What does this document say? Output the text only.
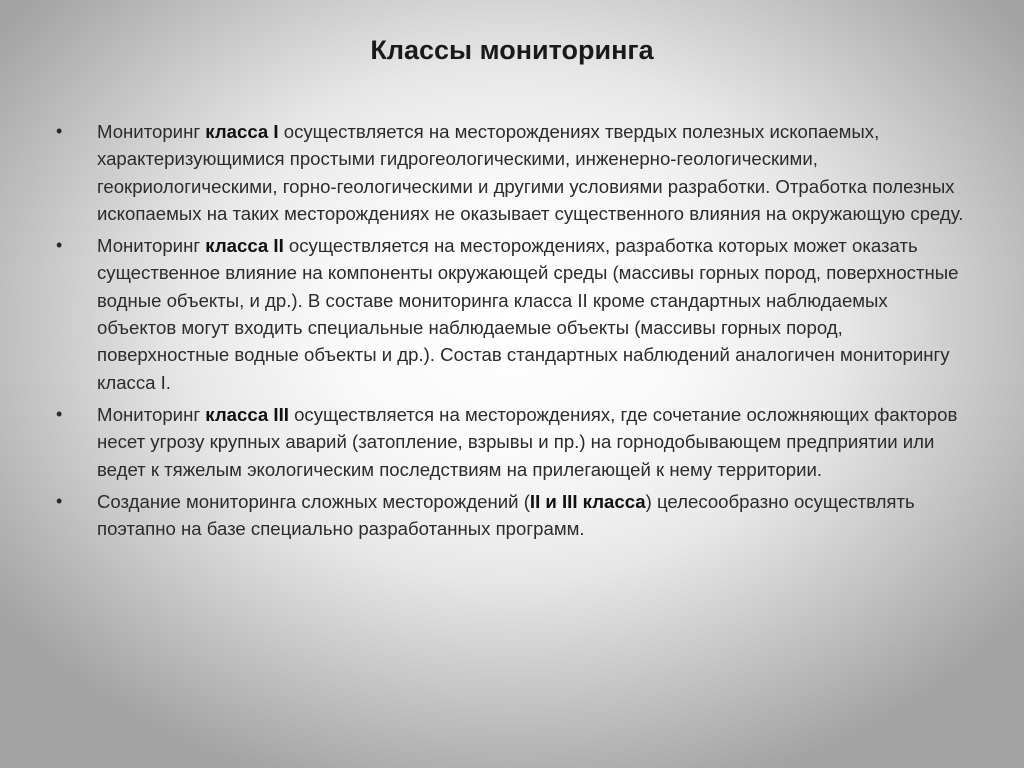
Классы мониторинга
•	Мониторинг класса I осуществляется на месторождениях твердых полезных ископаемых, характеризующимися простыми гидрогеологическими, инженерно-геологическими, геокриологическими, горно-геологическими и другими условиями разработки. Отработка полезных ископаемых на таких месторождениях не оказывает существенного влияния на окружающую среду.
•	Мониторинг класса II осуществляется на месторождениях, разработка которых может оказать существенное влияние на компоненты окружающей среды (массивы горных пород, поверхностные водные объекты, и др.). В составе мониторинга класса II кроме стандартных наблюдаемых объектов могут входить специальные наблюдаемые объекты (массивы горных пород, поверхностные водные объекты и др.). Состав стандартных наблюдений аналогичен мониторингу класса I.
•	Мониторинг класса III осуществляется на месторождениях, где сочетание осложняющих факторов несет угрозу крупных аварий (затопление, взрывы и пр.) на горнодобывающем предприятии или ведет к тяжелым экологическим последствиям на прилегающей к нему территории.
•	Создание мониторинга сложных месторождений (II и III класса) целесообразно осуществлять поэтапно на базе специально разработанных программ.
